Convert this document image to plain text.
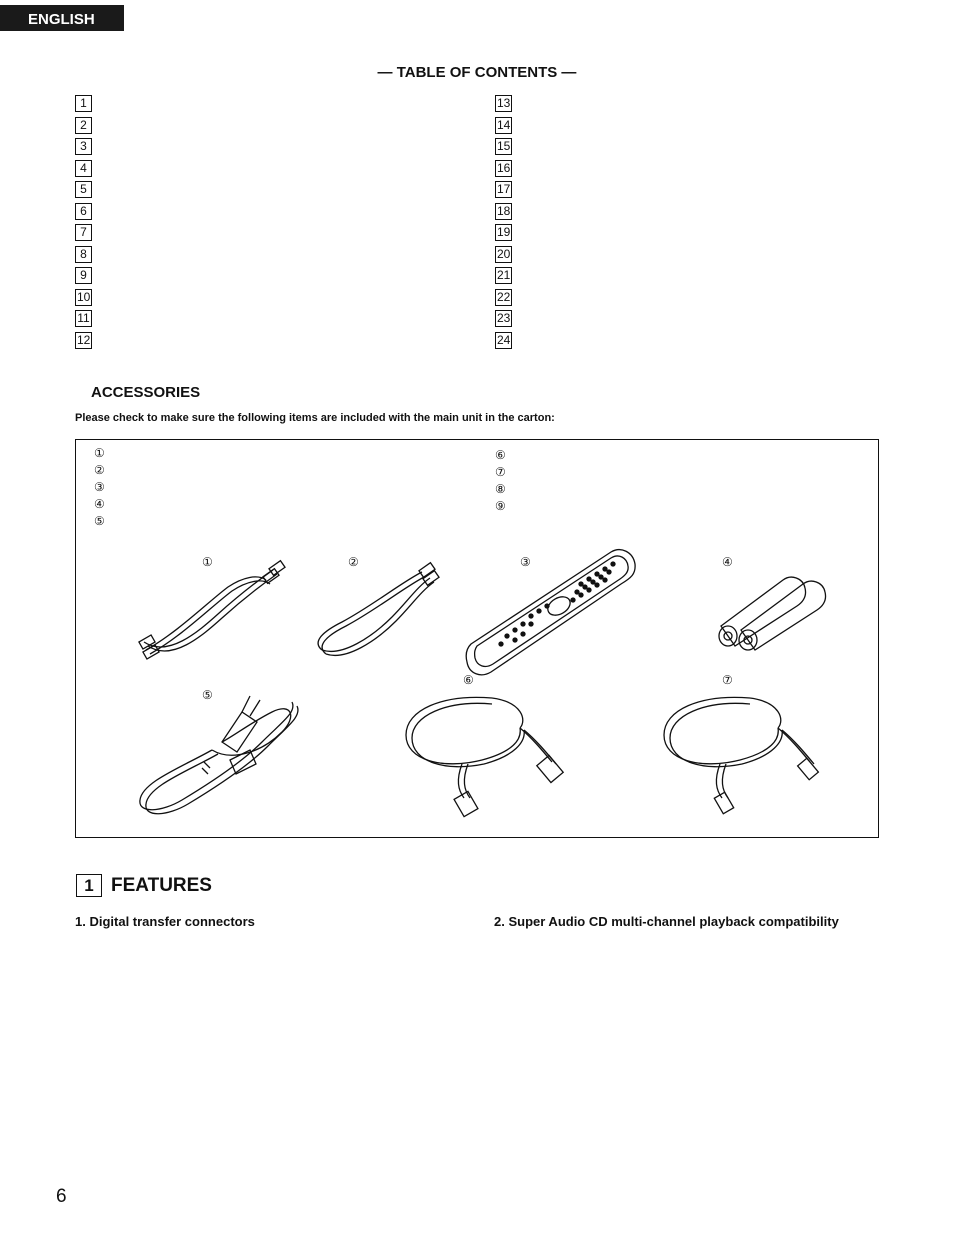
ENGLISH
— TABLE OF CONTENTS —
1
2
3
4
5
6
7
8
9
10
11
12
13
14
15
16
17
18
19
20
21
22
23
24
ACCESSORIES
Please check to make sure the following items are included with the main unit in the carton:
①
②
③
④
⑤
⑥
⑦
⑧
⑨
①	②	③	④
⑤
⑥	⑦
1 FEATURES
1. Digital transfer connectors	2. Super Audio CD multi-channel playback compatibility
6
